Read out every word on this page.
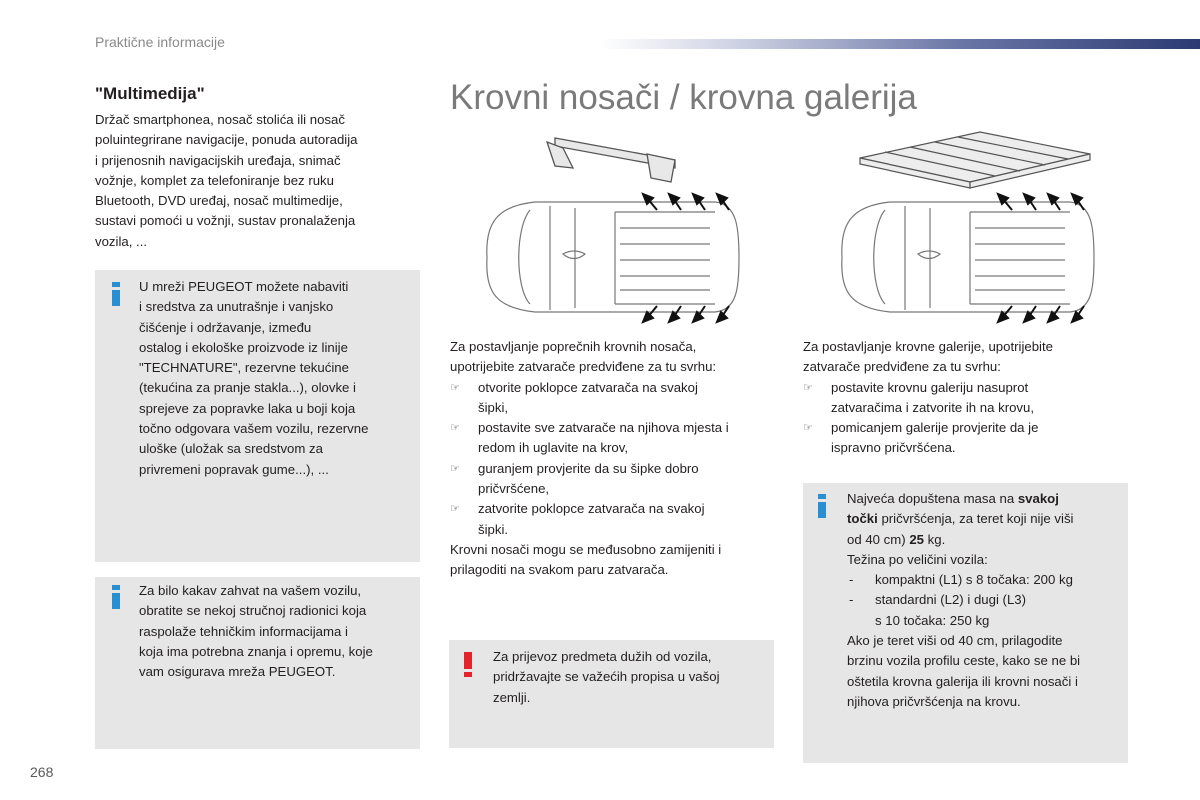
Praktične informacije
"Multimedija"
Držač smartphonea, nosač stolića ili nosač
poluintegrirane navigacije, ponuda autoradija
i prijenosnih navigacijskih uređaja, snimač
vožnje, komplet za telefoniranje bez ruku
Bluetooth, DVD uređaj, nosač multimedije,
sustavi pomoći u vožnji, sustav pronalaženja
vozila, ...
U mreži PEUGEOT možete nabaviti
i sredstva za unutrašnje i vanjsko
čišćenje i održavanje, između
ostalog i ekološke proizvode iz linije
"TECHNATURE", rezervne tekućine
(tekućina za pranje stakla...), olovke i
sprejeve za popravke laka u boji koja
točno odgovara vašem vozilu, rezervne
uloške (uložak sa sredstvom za
privremeni popravak gume...), ...
Za bilo kakav zahvat na vašem vozilu,
obratite se nekoj stručnoj radionici koja
raspolaže tehničkim informacijama i
koja ima potrebna znanja i opremu, koje
vam osigurava mreža PEUGEOT.
Krovni nosači / krovna galerija
Za postavljanje poprečnih krovnih nosača,
upotrijebite zatvarače predviđene za tu svrhu:
☞	otvorite poklopce zatvarača na svakoj
šipki,
☞	postavite sve zatvarače na njihova mjesta i
redom ih uglavite na krov,
☞	guranjem provjerite da su šipke dobro
pričvršćene,
☞	zatvorite poklopce zatvarača na svakoj
šipki.
Krovni nosači mogu se međusobno zamijeniti i
prilagoditi na svakom paru zatvarača.
Za prijevoz predmeta dužih od vozila,
pridržavajte se važećih propisa u vašoj
zemlji.
Za postavljanje krovne galerije, upotrijebite
zatvarače predviđene za tu svrhu:
☞	postavite krovnu galeriju nasuprot
zatvaračima i zatvorite ih na krovu,
☞	pomicanjem galerije provjerite da je
ispravno pričvršćena.
Najveća dopuštena masa na svakoj
točki pričvršćenja, za teret koji nije viši
od 40 cm) 25 kg.
Težina po veličini vozila:
- kompaktni (L1) s 8 točaka: 200 kg
- standardni (L2) i dugi (L3)
s 10 točaka: 250 kg
Ako je teret viši od 40 cm, prilagodite
brzinu vozila profilu ceste, kako se ne bi
oštetila krovna galerija ili krovni nosači i
njihova pričvršćenja na krovu.
268
